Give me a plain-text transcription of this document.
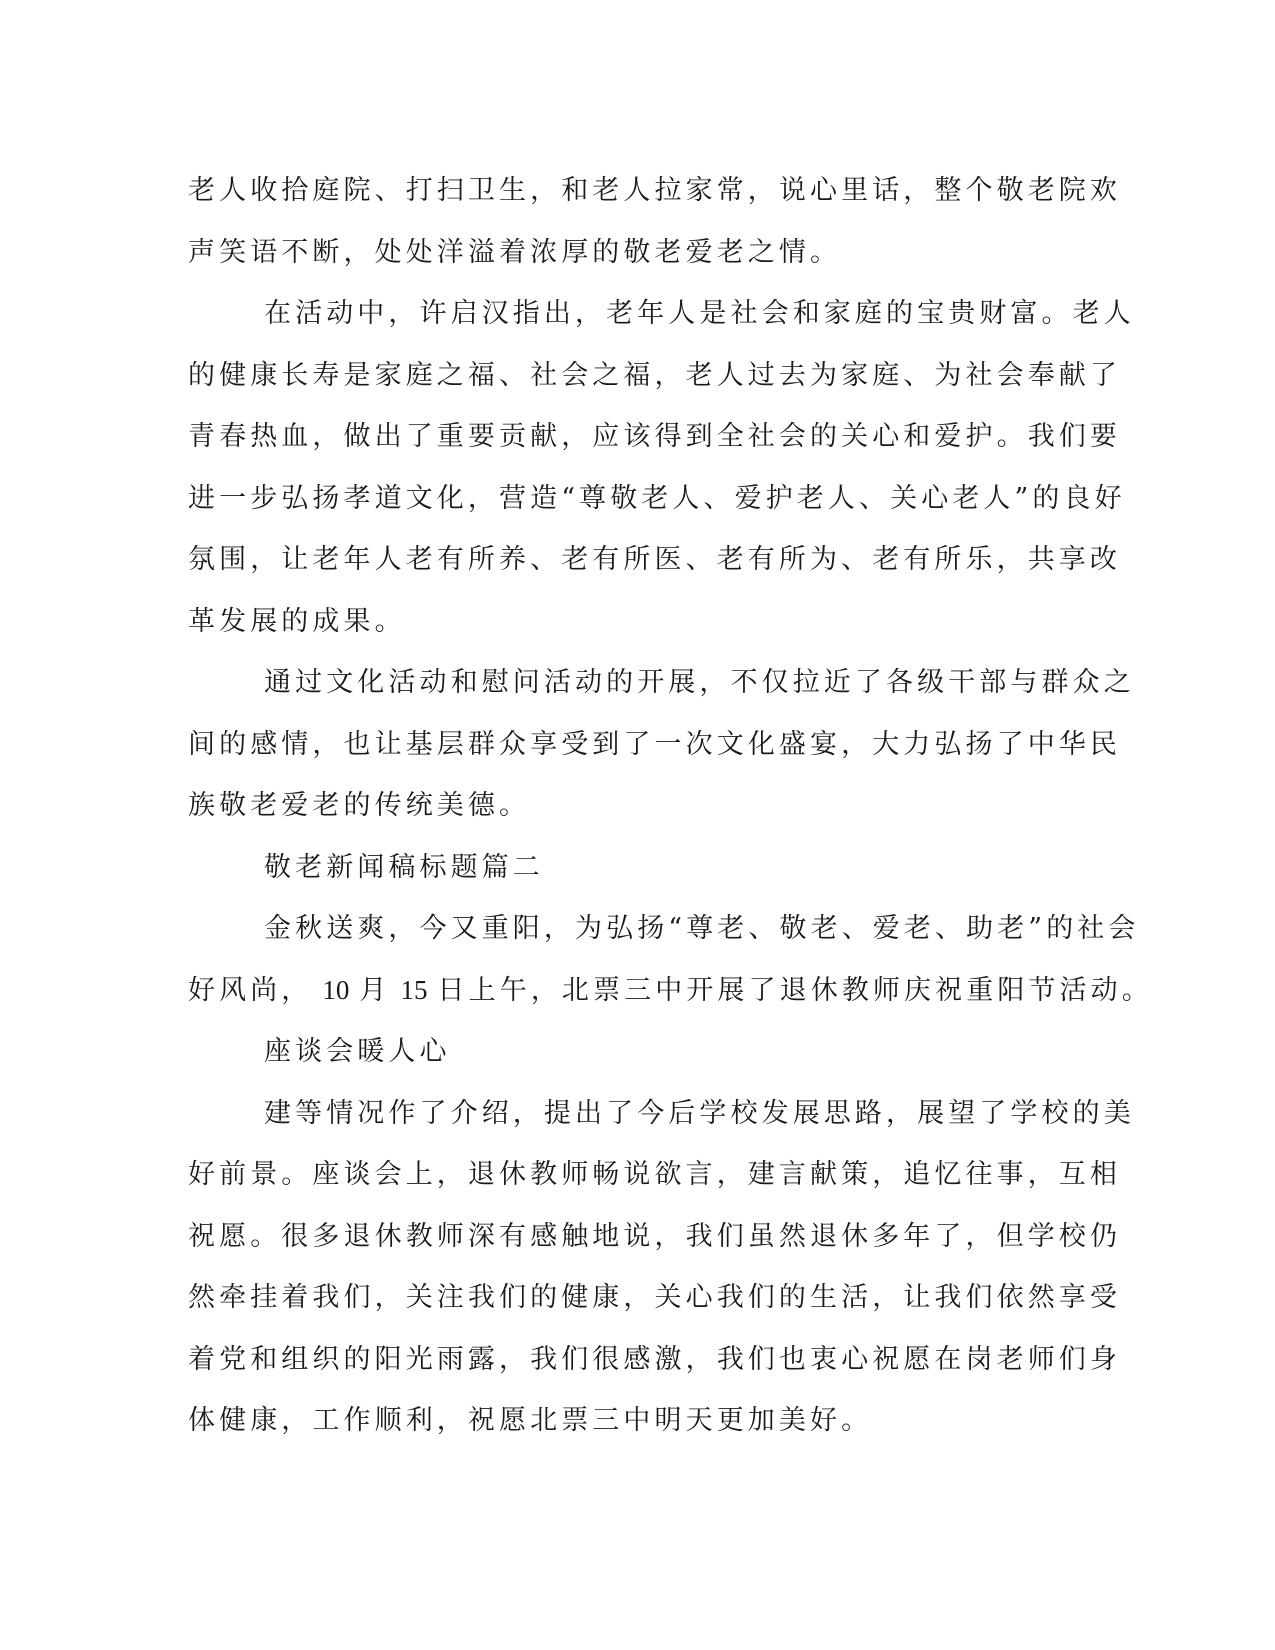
老人收拾庭院、打扫卫生，和老人拉家常，说心里话，整个敬老院欢
声笑语不断，处处洋溢着浓厚的敬老爱老之情。

在活动中，许启汉指出，老年人是社会和家庭的宝贵财富。老人
的健康长寿是家庭之福、社会之福，老人过去为家庭、为社会奉献了
青春热血，做出了重要贡献，应该得到全社会的关心和爱护。我们要
进一步弘扬孝道文化，营造“尊敬老人、爱护老人、关心老人”的良好
氛围，让老年人老有所养、老有所医、老有所为、老有所乐，共享改
革发展的成果。

通过文化活动和慰问活动的开展，不仅拉近了各级干部与群众之
间的感情，也让基层群众享受到了一次文化盛宴，大力弘扬了中华民
族敬老爱老的传统美德。

敬老新闻稿标题篇二

金秋送爽，今又重阳，为弘扬“尊老、敬老、爱老、助老”的社会
好风尚， 10 月 15 日上午，北票三中开展了退休教师庆祝重阳节活动。

座谈会暖人心

建等情况作了介绍，提出了今后学校发展思路，展望了学校的美
好前景。座谈会上，退休教师畅说欲言，建言献策，追忆往事，互相
祝愿。很多退休教师深有感触地说，我们虽然退休多年了，但学校仍
然牵挂着我们，关注我们的健康，关心我们的生活，让我们依然享受
着党和组织的阳光雨露，我们很感激，我们也衷心祝愿在岗老师们身
体健康，工作顺利，祝愿北票三中明天更加美好。
